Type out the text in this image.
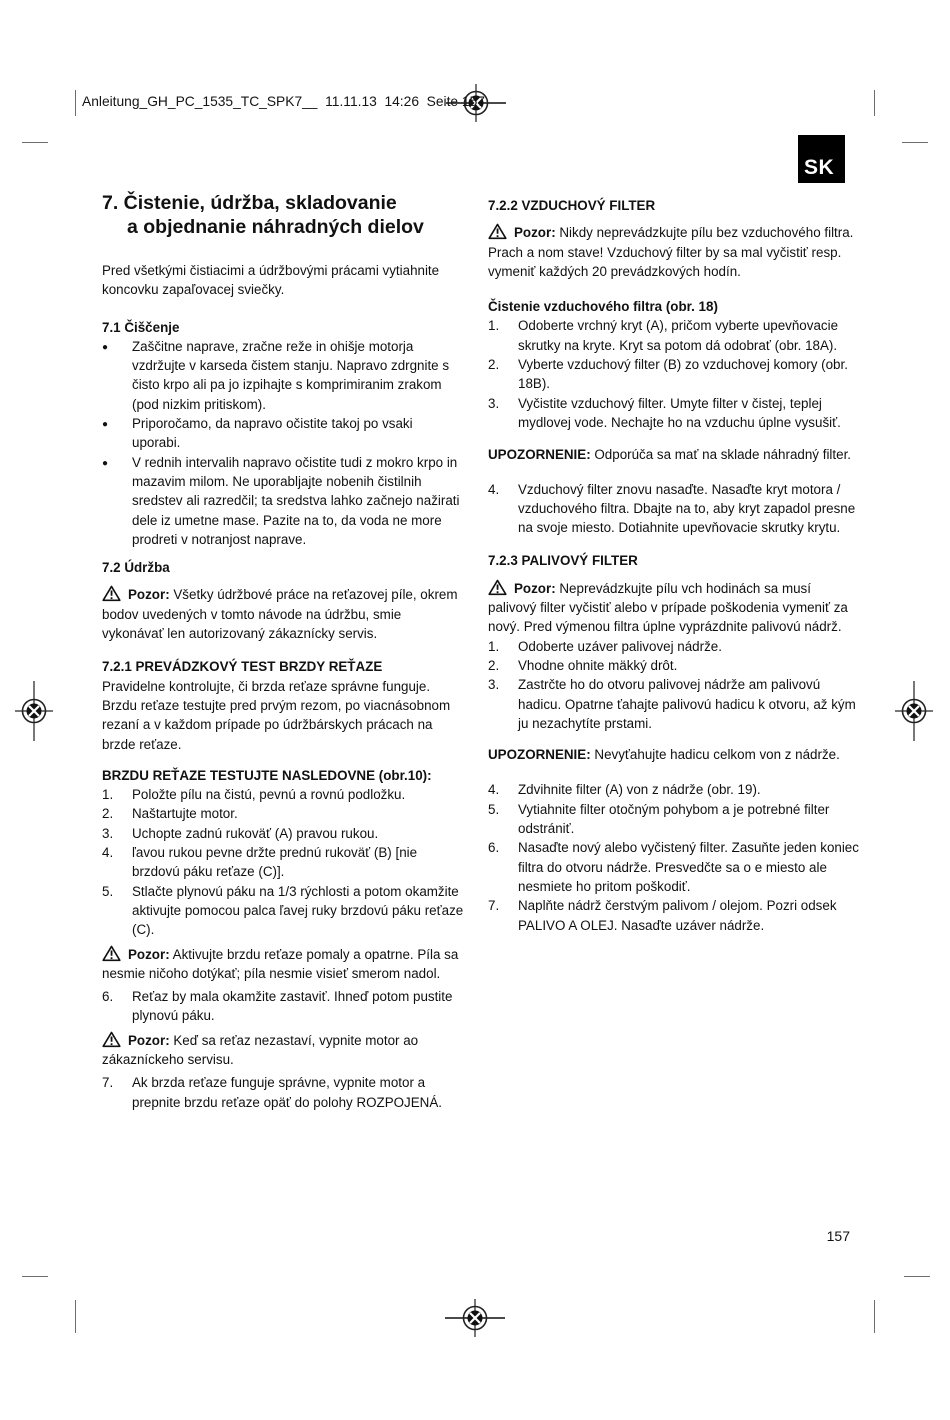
Anleitung_GH_PC_1535_TC_SPK7__  11.11.13  14:26  Seite 157
SK
157

7. Čistenie, údržba, skladovanie
a objednanie náhradných dielov

Pred všetkými čistiacimi a údržbovými prácami vytiahnite koncovku zapaľovacej sviečky.

7.1 Čiščenje

● Zaščitne naprave, zračne reže in ohišje motorja vzdržujte v karseda čistem stanju. Napravo zdrgnite s čisto krpo ali pa jo izpihajte s komprimiranim zrakom (pod nizkim pritiskom).
● Priporočamo, da napravo očistite takoj po vsaki uporabi.
● V rednih intervalih napravo očistite tudi z mokro krpo in mazavim milom. Ne uporabljajte nobenih čistilnih sredstev ali razredčil; ta sredstva lahko začnejo nažirati dele iz umetne mase. Pazite na to, da voda ne more prodreti v notranjost naprave.

7.2 Údržba

Pozor: Všetky údržbové práce na reťazovej píle, okrem bodov uvedených v tomto návode na údržbu, smie vykonávať len autorizovaný zákaznícky servis.

7.2.1 PREVÁDZKOVÝ TEST BRZDY REŤAZE

Pravidelne kontrolujte, či brzda reťaze správne funguje.

Brzdu reťaze testujte pred prvým rezom, po viacnásobnom rezaní a v každom prípade po údržbárskych prácach na brzde reťaze.

BRZDU REŤAZE TESTUJTE NASLEDOVNE (obr.10):

1. Položte pílu na čistú, pevnú a rovnú podložku.
2. Naštartujte motor.
3. Uchopte zadnú rukoväť (A) pravou rukou.
4. ľavou rukou pevne držte prednú rukoväť (B) [nie brzdovú páku reťaze (C)].
5. Stlačte plynovú páku na 1/3 rýchlosti a potom okamžite aktivujte pomocou palca ľavej ruky brzdovú páku reťaze (C).

Pozor: Aktivujte brzdu reťaze pomaly a opatrne. Píla sa nesmie ničoho dotýkať; píla nesmie visieť smerom nadol.

6. Reťaz by mala okamžite zastaviť. Ihneď potom pustite plynovú páku.

Pozor: Keď sa reťaz nezastaví, vypnite motor ao zákazníckeho servisu.

7. Ak brzda reťaze funguje správne, vypnite motor a prepnite brzdu reťaze opäť do polohy ROZPOJENÁ.

7.2.2 VZDUCHOVÝ FILTER

Pozor: Nikdy neprevádzkujte pílu bez vzduchového filtra. Prach a nom stave! Vzduchový filter by sa mal vyčistiť resp. vymeniť každých 20 prevádzkových hodín.

Čistenie vzduchového filtra (obr. 18)

1. Odoberte vrchný kryt (A), pričom vyberte upevňovacie skrutky na kryte. Kryt sa potom dá odobrať (obr. 18A).
2. Vyberte vzduchový filter (B) zo vzduchovej komory (obr. 18B).
3. Vyčistite vzduchový filter. Umyte filter v čistej, teplej mydlovej vode. Nechajte ho na vzduchu úplne vysušiť.

UPOZORNENIE: Odporúča sa mať na sklade náhradný filter.

4. Vzduchový filter znovu nasaďte. Nasaďte kryt motora / vzduchového filtra. Dbajte na to, aby kryt zapadol presne na svoje miesto. Dotiahnite upevňovacie skrutky krytu.

7.2.3 PALIVOVÝ FILTER

Pozor: Neprevádzkujte pílu vch hodinách sa musí palivový filter vyčistiť alebo v prípade poškodenia vymeniť za nový. Pred výmenou filtra úplne vyprázdnite palivovú nádrž.

1. Odoberte uzáver palivovej nádrže.
2. Vhodne ohnite mäkký drôt.
3. Zastrčte ho do otvoru palivovej nádrže am palivovú hadicu. Opatrne ťahajte palivovú hadicu k otvoru, až kým ju nezachytíte prstami.

UPOZORNENIE: Nevyťahujte hadicu celkom von z nádrže.

4. Zdvihnite filter (A) von z nádrže (obr. 19).
5. Vytiahnite filter otočným pohybom a je potrebné filter odstrániť.
6. Nasaďte nový alebo vyčistený filter. Zasuňte jeden koniec filtra do otvoru nádrže. Presvedčte sa o e miesto ale nesmiete ho pritom poškodiť.
7. Naplňte nádrž čerstvým palivom / olejom. Pozri odsek PALIVO A OLEJ. Nasaďte uzáver nádrže.
